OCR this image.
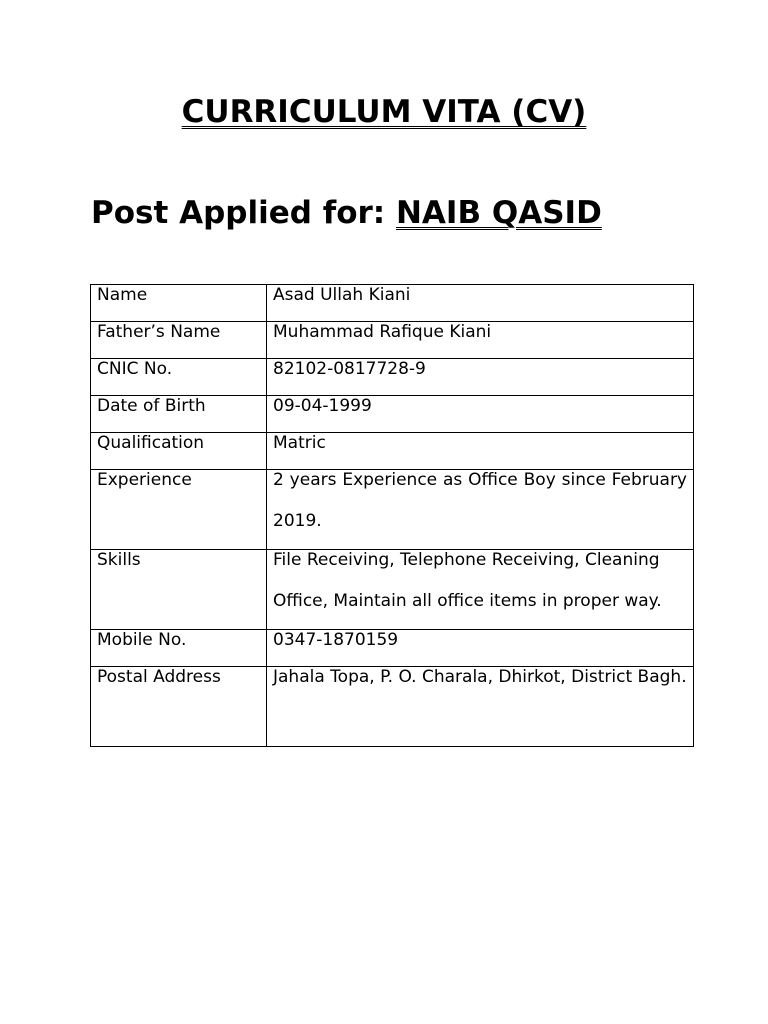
CURRICULUM VITA (CV)

Post Applied for: NAIB QASID

Name	Asad Ullah Kiani

Father’s Name	Muhammad Rafique Kiani

CNIC No.	82102-0817728-9

Date of Birth	09-04-1999

Qualification	Matric

Experience	2 years Experience as Office Boy since February 2019.

Skills	File Receiving, Telephone Receiving, Cleaning Office, Maintain all office items in proper way.

Mobile No.	0347-1870159

Postal Address	Jahala Topa, P. O. Charala, Dhirkot, District Bagh.
